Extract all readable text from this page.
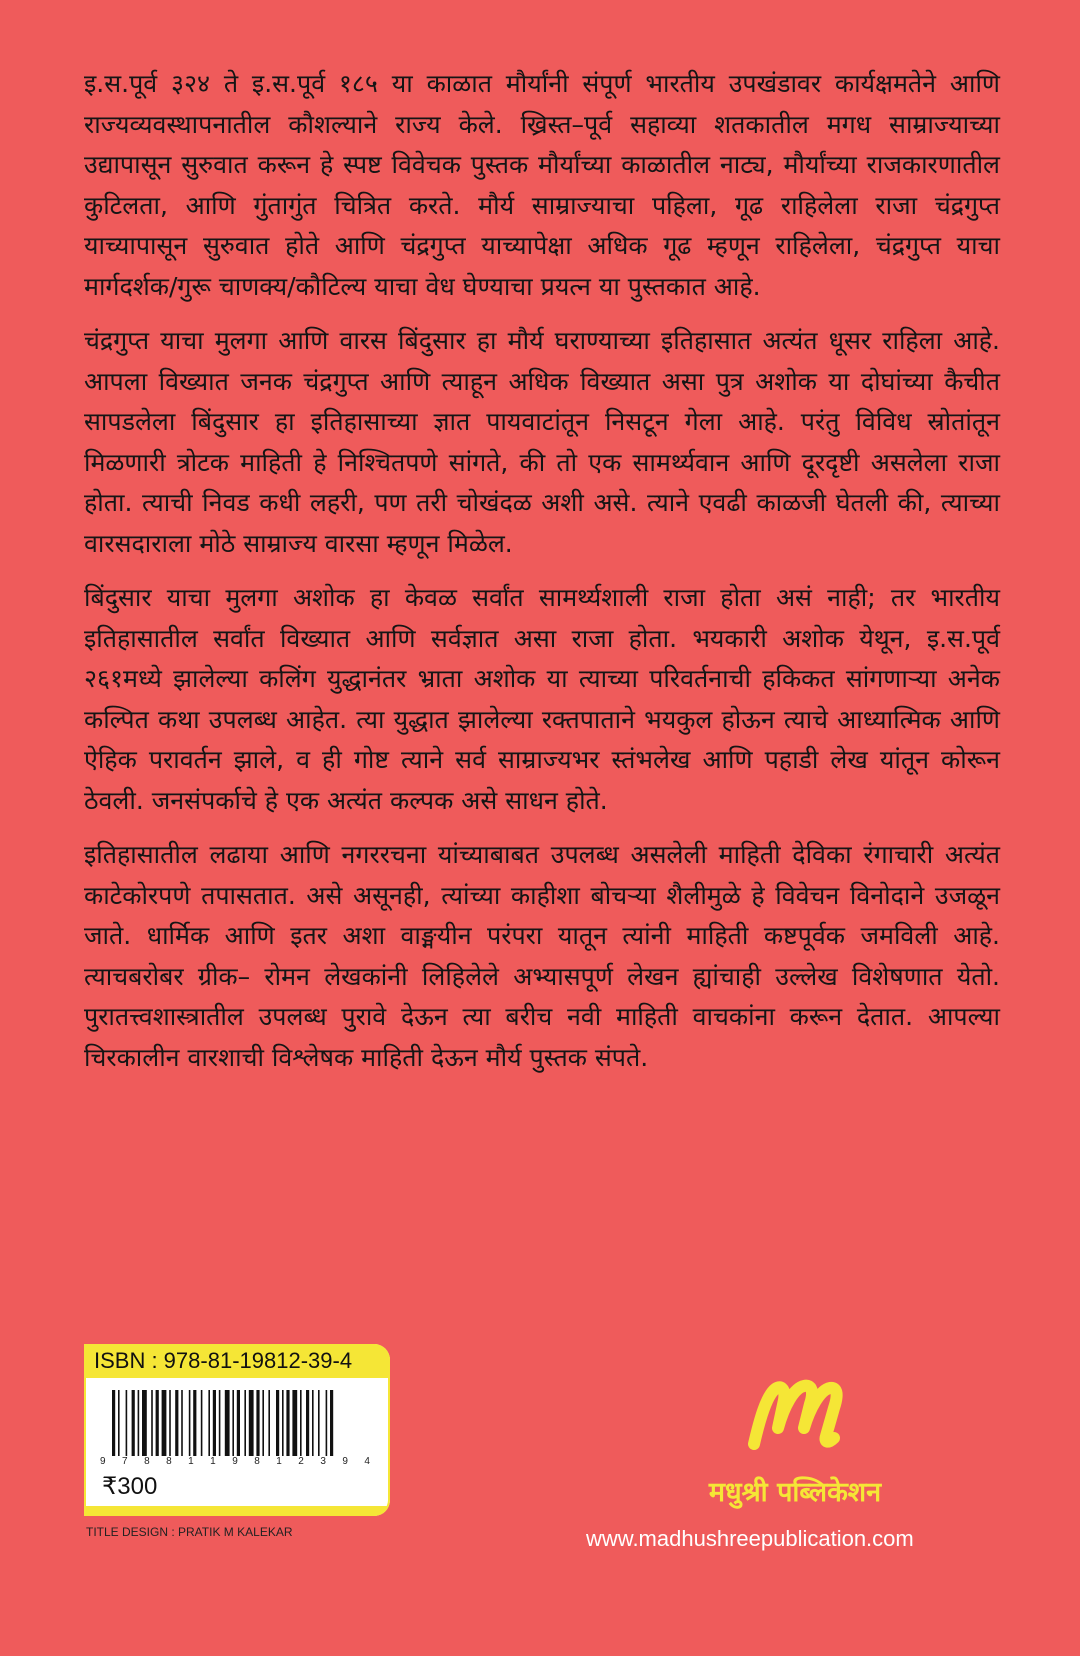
इ.स.पूर्व ३२४ ते इ.स.पूर्व १८५ या काळात मौर्यांनी संपूर्ण भारतीय उपखंडावर कार्यक्षमतेने आणि राज्यव्यवस्थापनातील कौशल्याने राज्य केले. ख्रिस्त–पूर्व सहाव्या शतकातील मगध साम्राज्याच्या उद्यापासून सुरुवात करून हे स्पष्ट विवेचक पुस्तक मौर्यांच्या काळातील नाट्य, मौर्यांच्या राजकारणातील कुटिलता, आणि गुंतागुंत चित्रित करते. मौर्य साम्राज्याचा पहिला, गूढ राहिलेला राजा चंद्रगुप्त याच्यापासून सुरुवात होते आणि चंद्रगुप्त याच्यापेक्षा अधिक गूढ म्हणून राहिलेला, चंद्रगुप्त याचा मार्गदर्शक/गुरू चाणक्य/कौटिल्य याचा वेध घेण्याचा प्रयत्न या पुस्तकात आहे.

चंद्रगुप्त याचा मुलगा आणि वारस बिंदुसार हा मौर्य घराण्याच्या इतिहासात अत्यंत धूसर राहिला आहे. आपला विख्यात जनक चंद्रगुप्त आणि त्याहून अधिक विख्यात असा पुत्र अशोक या दोघांच्या कैचीत सापडलेला बिंदुसार हा इतिहासाच्या ज्ञात पायवाटांतून निसटून गेला आहे. परंतु विविध स्रोतांतून मिळणारी त्रोटक माहिती हे निश्चितपणे सांगते, की तो एक सामर्थ्यवान आणि दूरदृष्टी असलेला राजा होता. त्याची निवड कधी लहरी, पण तरी चोखंदळ अशी असे. त्याने एवढी काळजी घेतली की, त्याच्या वारसदाराला मोठे साम्राज्य वारसा म्हणून मिळेल.

बिंदुसार याचा मुलगा अशोक हा केवळ सर्वांत सामर्थ्यशाली राजा होता असं नाही; तर भारतीय इतिहासातील सर्वांत विख्यात आणि सर्वज्ञात असा राजा होता. भयकारी अशोक येथून, इ.स.पूर्व २६१मध्ये झालेल्या कलिंग युद्धानंतर भ्राता अशोक या त्याच्या परिवर्तनाची हकिकत सांगणाऱ्या अनेक कल्पित कथा उपलब्ध आहेत. त्या युद्धात झालेल्या रक्तपाताने भयकुल होऊन त्याचे आध्यात्मिक आणि ऐहिक परावर्तन झाले, व ही गोष्ट त्याने सर्व साम्राज्यभर स्तंभलेख आणि पहाडी लेख यांतून कोरून ठेवली. जनसंपर्काचे हे एक अत्यंत कल्पक असे साधन होते.

इतिहासातील लढाया आणि नगररचना यांच्याबाबत उपलब्ध असलेली माहिती देविका रंगाचारी अत्यंत काटेकोरपणे तपासतात. असे असूनही, त्यांच्या काहीशा बोचऱ्या शैलीमुळे हे विवेचन विनोदाने उजळून जाते. धार्मिक आणि इतर अशा वाङ्मयीन परंपरा यातून त्यांनी माहिती कष्टपूर्वक जमविली आहे. त्याचबरोबर ग्रीक– रोमन लेखकांनी लिहिलेले अभ्यासपूर्ण लेखन ह्यांचाही उल्लेख विशेषणात येतो. पुरातत्त्वशास्त्रातील उपलब्ध पुरावे देऊन त्या बरीच नवी माहिती वाचकांना करून देतात. आपल्या चिरकालीन वारशाची विश्लेषक माहिती देऊन मौर्य पुस्तक संपते.

ISBN : 978-81-19812-39-4
9 7 8 8 1 1 9 8 1 2 3 9 4
₹300
TITLE DESIGN : PRATIK M KALEKAR
मधुश्री पब्लिकेशन
www.madhushreepublication.com
